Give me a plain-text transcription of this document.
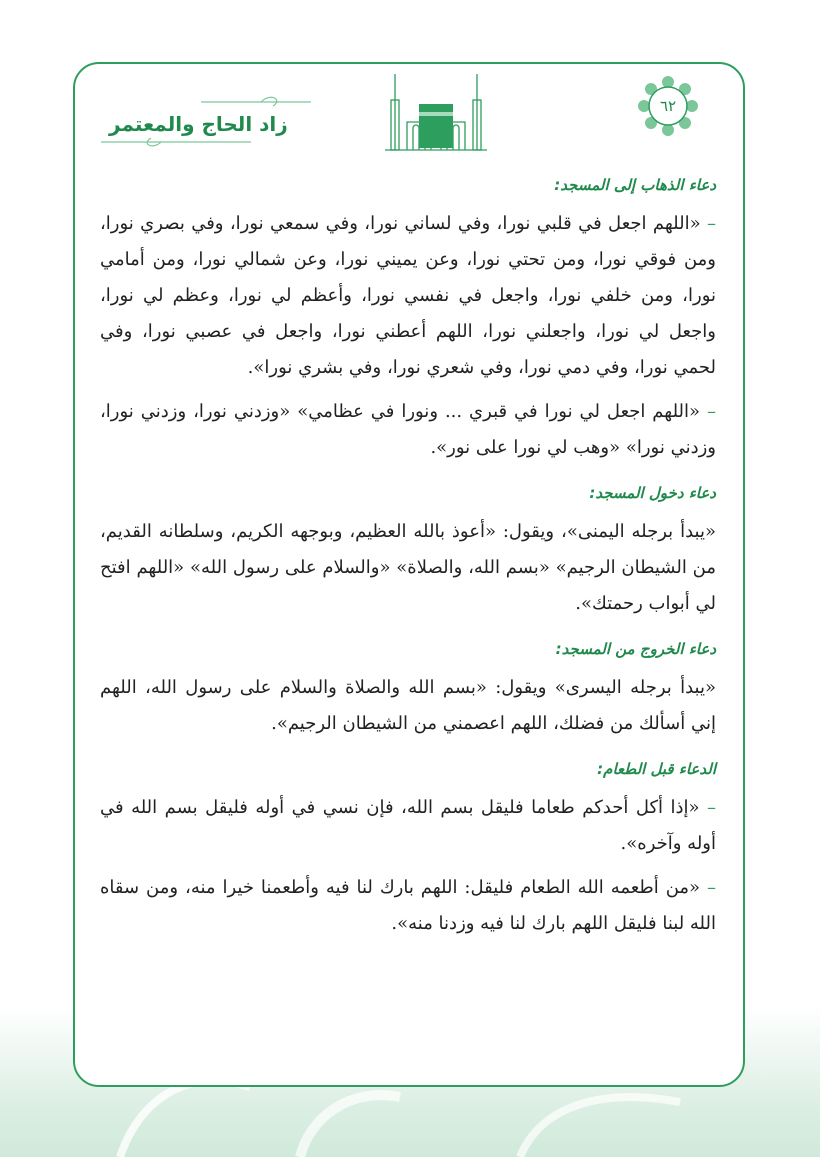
٦٢
زاد الحاج والمعتمر
دعاء الذهاب إلى المسجد:

– «اللهم اجعل في قلبي نورا، وفي لساني نورا، وفي سمعي نورا، وفي بصري نورا، ومن فوقي نورا، ومن تحتي نورا، وعن يميني نورا، وعن شمالي نورا، ومن أمامي نورا، ومن خلفي نورا، واجعل في نفسي نورا، وأعظم لي نورا، وعظم لي نورا، واجعل لي نورا، واجعلني نورا، اللهم أعطني نورا، واجعل في عصبي نورا، وفي لحمي نورا، وفي دمي نورا، وفي شعري نورا، وفي بشري نورا».

– «اللهم اجعل لي نورا في قبري ... ونورا في عظامي» «وزدني نورا، وزدني نورا، وزدني نورا» «وهب لي نورا على نور».

دعاء دخول المسجد:

«يبدأ برجله اليمنى»، ويقول: «أعوذ بالله العظيم، وبوجهه الكريم، وسلطانه القديم، من الشيطان الرجيم» «بسم الله، والصلاة» «والسلام على رسول الله» «اللهم افتح لي أبواب رحمتك».

دعاء الخروج من المسجد:

«يبدأ برجله اليسرى» ويقول: «بسم الله والصلاة والسلام على رسول الله، اللهم إني أسألك من فضلك، اللهم اعصمني من الشيطان الرجيم».

الدعاء قبل الطعام:

– «إذا أكل أحدكم طعاما فليقل بسم الله، فإن نسي في أوله فليقل بسم الله في أوله وآخره».

– «من أطعمه الله الطعام فليقل: اللهم بارك لنا فيه وأطعمنا خيرا منه، ومن سقاه الله لبنا فليقل اللهم بارك لنا فيه وزدنا منه».
